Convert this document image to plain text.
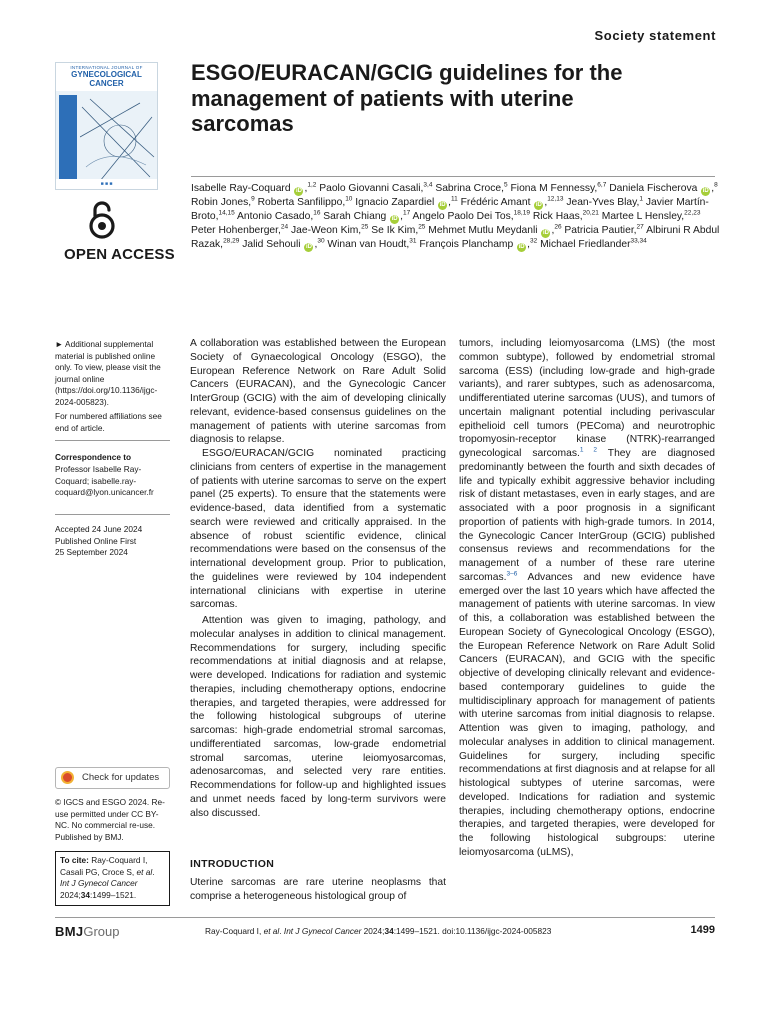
Society statement
INTERNATIONAL JOURNAL OF
GYNECOLOGICAL CANCER
■ ■ ■
OPEN ACCESS
ESGO/EURACAN/GCIG guidelines for the management of patients with uterine sarcomas
Isabelle Ray-Coquard iD ,$^{1,2}$ Paolo Giovanni Casali,$^{3,4}$ Sabrina Croce,$^5$ Fiona M Fennessy,$^{6,7}$ Daniela Fischerova iD ,$^8$ Robin Jones,$^9$ Roberta Sanfilippo,$^{10}$ Ignacio Zapardiel iD ,$^{11}$ Frédéric Amant iD ,$^{12,13}$ Jean-Yves Blay,$^1$ Javier Martín-Broto,$^{14,15}$ Antonio Casado,$^{16}$ Sarah Chiang iD ,$^{17}$ Angelo Paolo Dei Tos,$^{18,19}$ Rick Haas,$^{20,21}$ Martee L Hensley,$^{22,23}$ Peter Hohenberger,$^{24}$ Jae-Weon Kim,$^{25}$ Se Ik Kim,$^{25}$ Mehmet Mutlu Meydanli iD ,$^{26}$ Patricia Pautier,$^{27}$ Albiruni R Abdul Razak,$^{28,29}$ Jalid Sehouli iD ,$^{30}$ Winan van Houdt,$^{31}$ François Planchamp iD ,$^{32}$ Michael Friedlander$^{33,34}$
► Additional supplemental material is published online only. To view, please visit the journal online (https://doi.org/10.1136/ijgc-2024-005823).
For numbered affiliations see end of article.
Correspondence to
Professor Isabelle Ray-Coquard; isabelle.ray-coquard@lyon.unicancer.fr
Accepted 24 June 2024
Published Online First
25 September 2024
Check for updates
© IGCS and ESGO 2024. Re-use permitted under CC BY-NC. No commercial re-use. Published by BMJ.
To cite: Ray-Coquard I, Casali PG, Croce S, et al. Int J Gynecol Cancer 2024;34:1499–1521.

A collaboration was established between the European Society of Gynaecological Oncology (ESGO), the European Reference Network on Rare Adult Solid Cancers (EURACAN), and the Gynecologic Cancer InterGroup (GCIG) with the aim of developing clinically relevant, evidence-based consensus guidelines on the management of patients with uterine sarcomas from diagnosis to relapse.

ESGO/EURACAN/GCIG nominated practicing clinicians from centers of expertise in the management of patients with uterine sarcomas to serve on the expert panel (25 experts). To ensure that the statements were evidence-based, data identified from a systematic search were reviewed and critically appraised. In the absence of robust scientific evidence, clinical recommendations were based on the consensus of the international development group. Prior to publication, the guidelines were reviewed by 104 independent international clinicians with expertise in uterine sarcomas.

Attention was given to imaging, pathology, and molecular analyses in addition to clinical management. Recommendations for surgery, including specific recommendations at initial diagnosis and at relapse, were developed. Indications for radiation and systemic therapies, including chemotherapy options, endocrine therapies, and targeted therapies, were addressed for the following histological subgroups of uterine sarcomas: high-grade endometrial stromal sarcomas, undifferentiated sarcomas, low-grade endometrial stromal sarcomas, uterine leiomyosarcomas, adenosarcomas, and selected very rare entities. Recommendations for follow-up and highlighted issues and unmet needs faced by long-term survivors were also discussed.

INTRODUCTION
Uterine sarcomas are rare uterine neoplasms that comprise a heterogeneous histological group of
tumors, including leiomyosarcoma (LMS) (the most common subtype), followed by endometrial stromal sarcoma (ESS) (including low-grade and high-grade variants), and rarer subtypes, such as adenosarcoma, undifferentiated uterine sarcomas (UUS), and tumors of uncertain malignant potential including perivascular epithelioid cell tumors (PEComa) and neurotrophic tropomyosin-receptor kinase (NTRK)-rearranged gynecological sarcomas.$^{1 2}$ They are diagnosed predominantly between the fourth and sixth decades of life and typically exhibit aggressive behavior including risk of distant metastases, even in early stages, and are associated with a poor prognosis in a significant proportion of patients with high-grade tumors. In 2014, the Gynecologic Cancer InterGroup (GCIG) published consensus reviews and recommendations for the management of a number of these rare uterine sarcomas.$^{3-6}$ Advances and new evidence have emerged over the last 10 years which have affected the management of patients with uterine sarcomas. In view of this, a collaboration was established between the European Society of Gynecological Oncology (ESGO), the European Reference Network on Rare Adult Solid Cancers (EURACAN), and GCIG with the specific objective of developing clinically relevant and evidence-based contemporary guidelines to guide the multidisciplinary approach for management of patients with uterine sarcomas from initial diagnosis to relapse. Attention was given to imaging, pathology, and molecular analyses in addition to clinical management. Guidelines for surgery, including specific recommendations at first diagnosis and at relapse for all histological subtypes of uterine sarcomas, were developed. Indications for radiation and systemic therapies, including chemotherapy options, endocrine therapies, and targeted therapies, were developed for the following histological subgroups: uterine leiomyosarcoma (uLMS),
BMJGroup	Ray-Coquard I, et al. Int J Gynecol Cancer 2024;34:1499–1521. doi:10.1136/ijgc-2024-005823	1499
